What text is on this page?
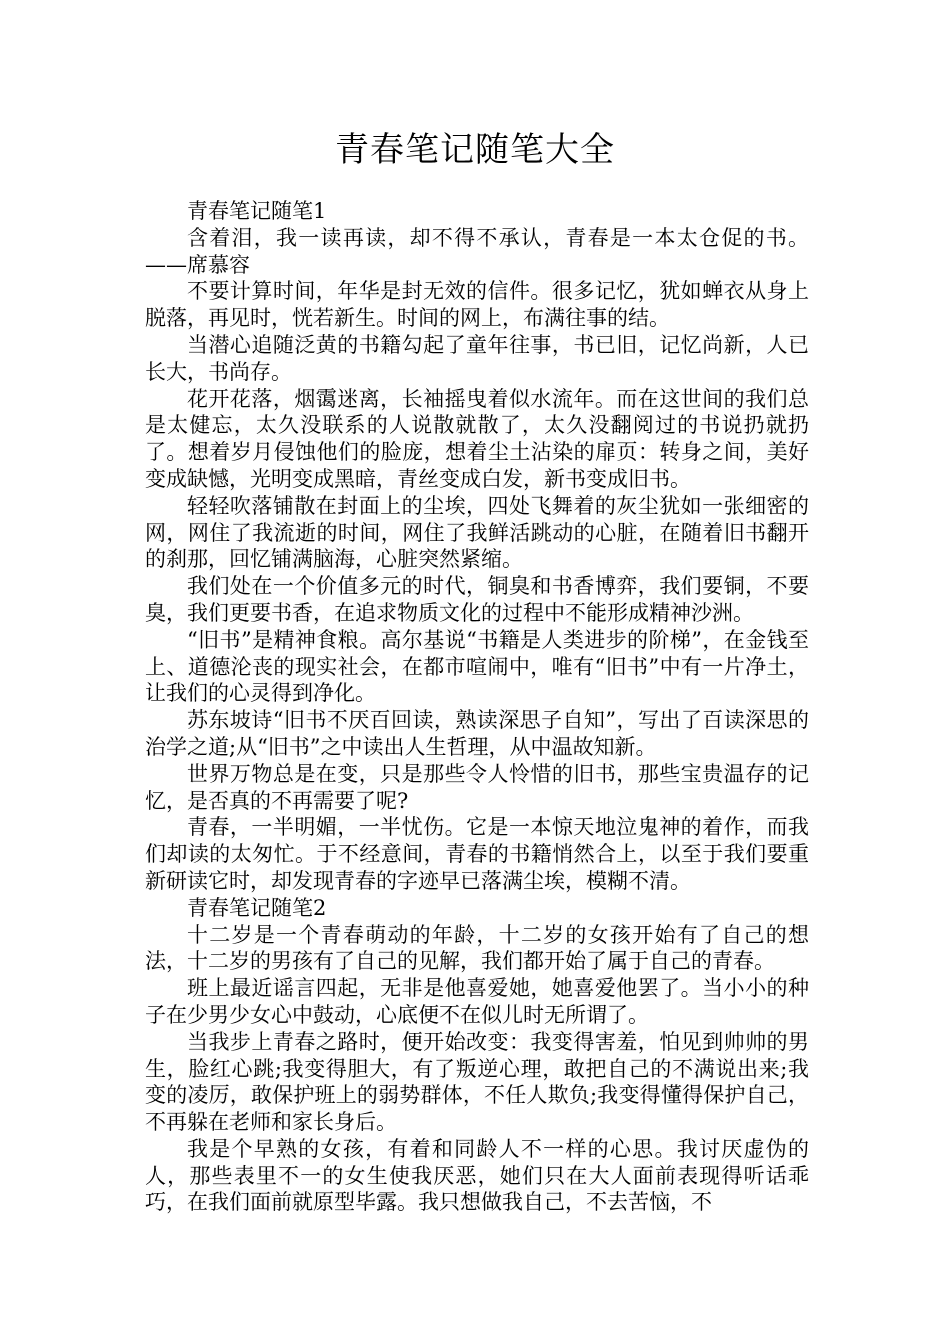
青春笔记随笔大全

青春笔记随笔1

含着泪，我一读再读，却不得不承认，青春是一本太仓促的书。——席慕容

不要计算时间，年华是封无效的信件。很多记忆，犹如蝉衣从身上脱落，再见时，恍若新生。时间的网上，布满往事的结。

当潜心追随泛黄的书籍勾起了童年往事，书已旧，记忆尚新，人已长大，书尚存。

花开花落，烟霭迷离，长袖摇曳着似水流年。而在这世间的我们总是太健忘，太久没联系的人说散就散了，太久没翻阅过的书说扔就扔了。想着岁月侵蚀他们的脸庞，想着尘土沾染的扉页：转身之间，美好变成缺憾，光明变成黑暗，青丝变成白发，新书变成旧书。

轻轻吹落铺散在封面上的尘埃，四处飞舞着的灰尘犹如一张细密的网，网住了我流逝的时间，网住了我鲜活跳动的心脏，在随着旧书翻开的刹那，回忆铺满脑海，心脏突然紧缩。

我们处在一个价值多元的时代，铜臭和书香博弈，我们要铜，不要臭，我们更要书香，在追求物质文化的过程中不能形成精神沙洲。

“旧书”是精神食粮。高尔基说“书籍是人类进步的阶梯”，在金钱至上、道德沦丧的现实社会，在都市喧闹中，唯有“旧书”中有一片净土，让我们的心灵得到净化。

苏东坡诗“旧书不厌百回读，熟读深思子自知”，写出了百读深思的治学之道;从“旧书”之中读出人生哲理，从中温故知新。

世界万物总是在变，只是那些令人怜惜的旧书，那些宝贵温存的记忆，是否真的不再需要了呢?

青春，一半明媚，一半忧伤。它是一本惊天地泣鬼神的着作，而我们却读的太匆忙。于不经意间，青春的书籍悄然合上，以至于我们要重新研读它时，却发现青春的字迹早已落满尘埃，模糊不清。

青春笔记随笔2

十二岁是一个青春萌动的年龄，十二岁的女孩开始有了自己的想法，十二岁的男孩有了自己的见解，我们都开始了属于自己的青春。

班上最近谣言四起，无非是他喜爱她，她喜爱他罢了。当小小的种子在少男少女心中鼓动，心底便不在似儿时无所谓了。

当我步上青春之路时，便开始改变：我变得害羞，怕见到帅帅的男生，脸红心跳;我变得胆大，有了叛逆心理，敢把自己的不满说出来;我变的凌厉，敢保护班上的弱势群体，不任人欺负;我变得懂得保护自己，不再躲在老师和家长身后。

我是个早熟的女孩，有着和同龄人不一样的心思。我讨厌虚伪的人，那些表里不一的女生使我厌恶，她们只在大人面前表现得听话乖巧，在我们面前就原型毕露。我只想做我自己，不去苦恼，不
